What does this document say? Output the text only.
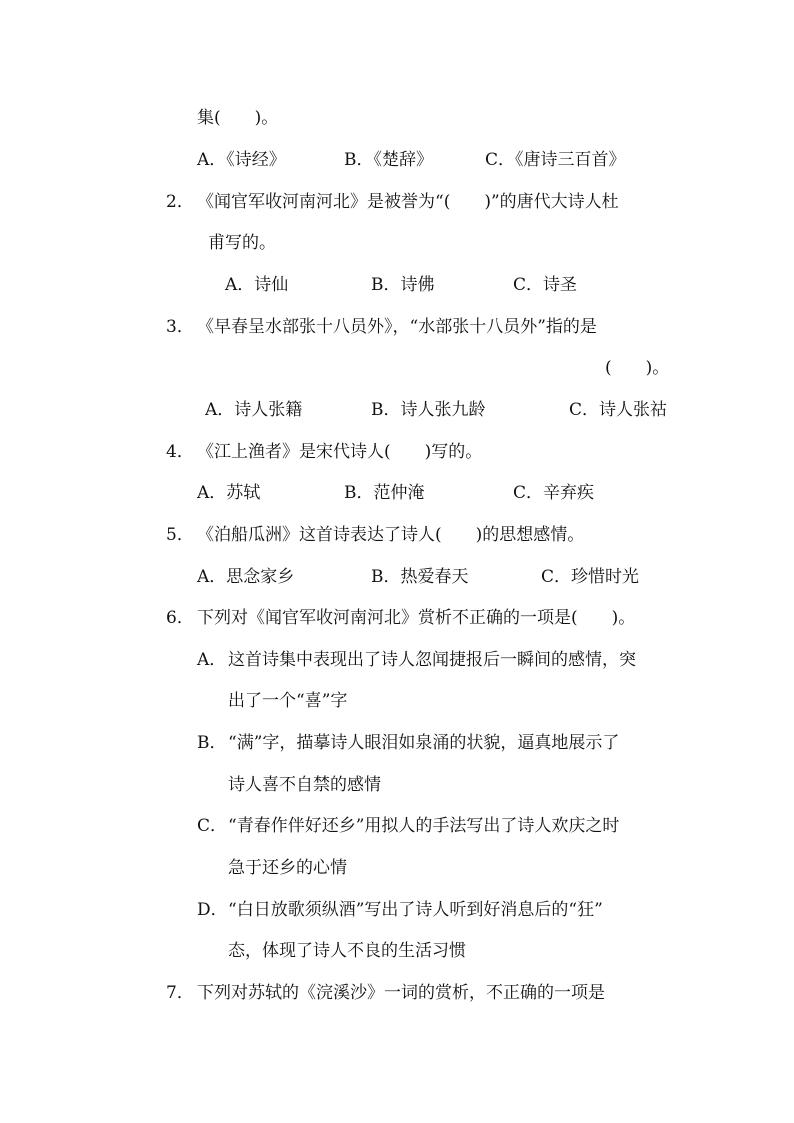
集(　　)。
A．《诗经》	B．《楚辞》	C．《唐诗三百首》
2． 《闻官军收河南河北》是被誉为“(　　)”的唐代大诗人杜
甫写的。
A．诗仙	B．诗佛	C．诗圣
3． 《早春呈水部张十八员外》，“水部张十八员外”指的是
(　　)。
A．诗人张籍	B．诗人张九龄	C．诗人张祜
4． 《江上渔者》是宋代诗人(　　)写的。
A．苏轼	B．范仲淹	C．辛弃疾
5． 《泊船瓜洲》这首诗表达了诗人(　　)的思想感情。
A．思念家乡	B．热爱春天	C．珍惜时光
6． 下列对《闻官军收河南河北》赏析不正确的一项是(　　)。
A． 这首诗集中表现出了诗人忽闻捷报后一瞬间的感情，突
出了一个“喜”字
B． “满”字，描摹诗人眼泪如泉涌的状貌，逼真地展示了
诗人喜不自禁的感情
C． “青春作伴好还乡”用拟人的手法写出了诗人欢庆之时
急于还乡的心情
D． “白日放歌须纵酒”写出了诗人听到好消息后的“狂”
态，体现了诗人不良的生活习惯
7． 下列对苏轼的《浣溪沙》一词的赏析，不正确的一项是
